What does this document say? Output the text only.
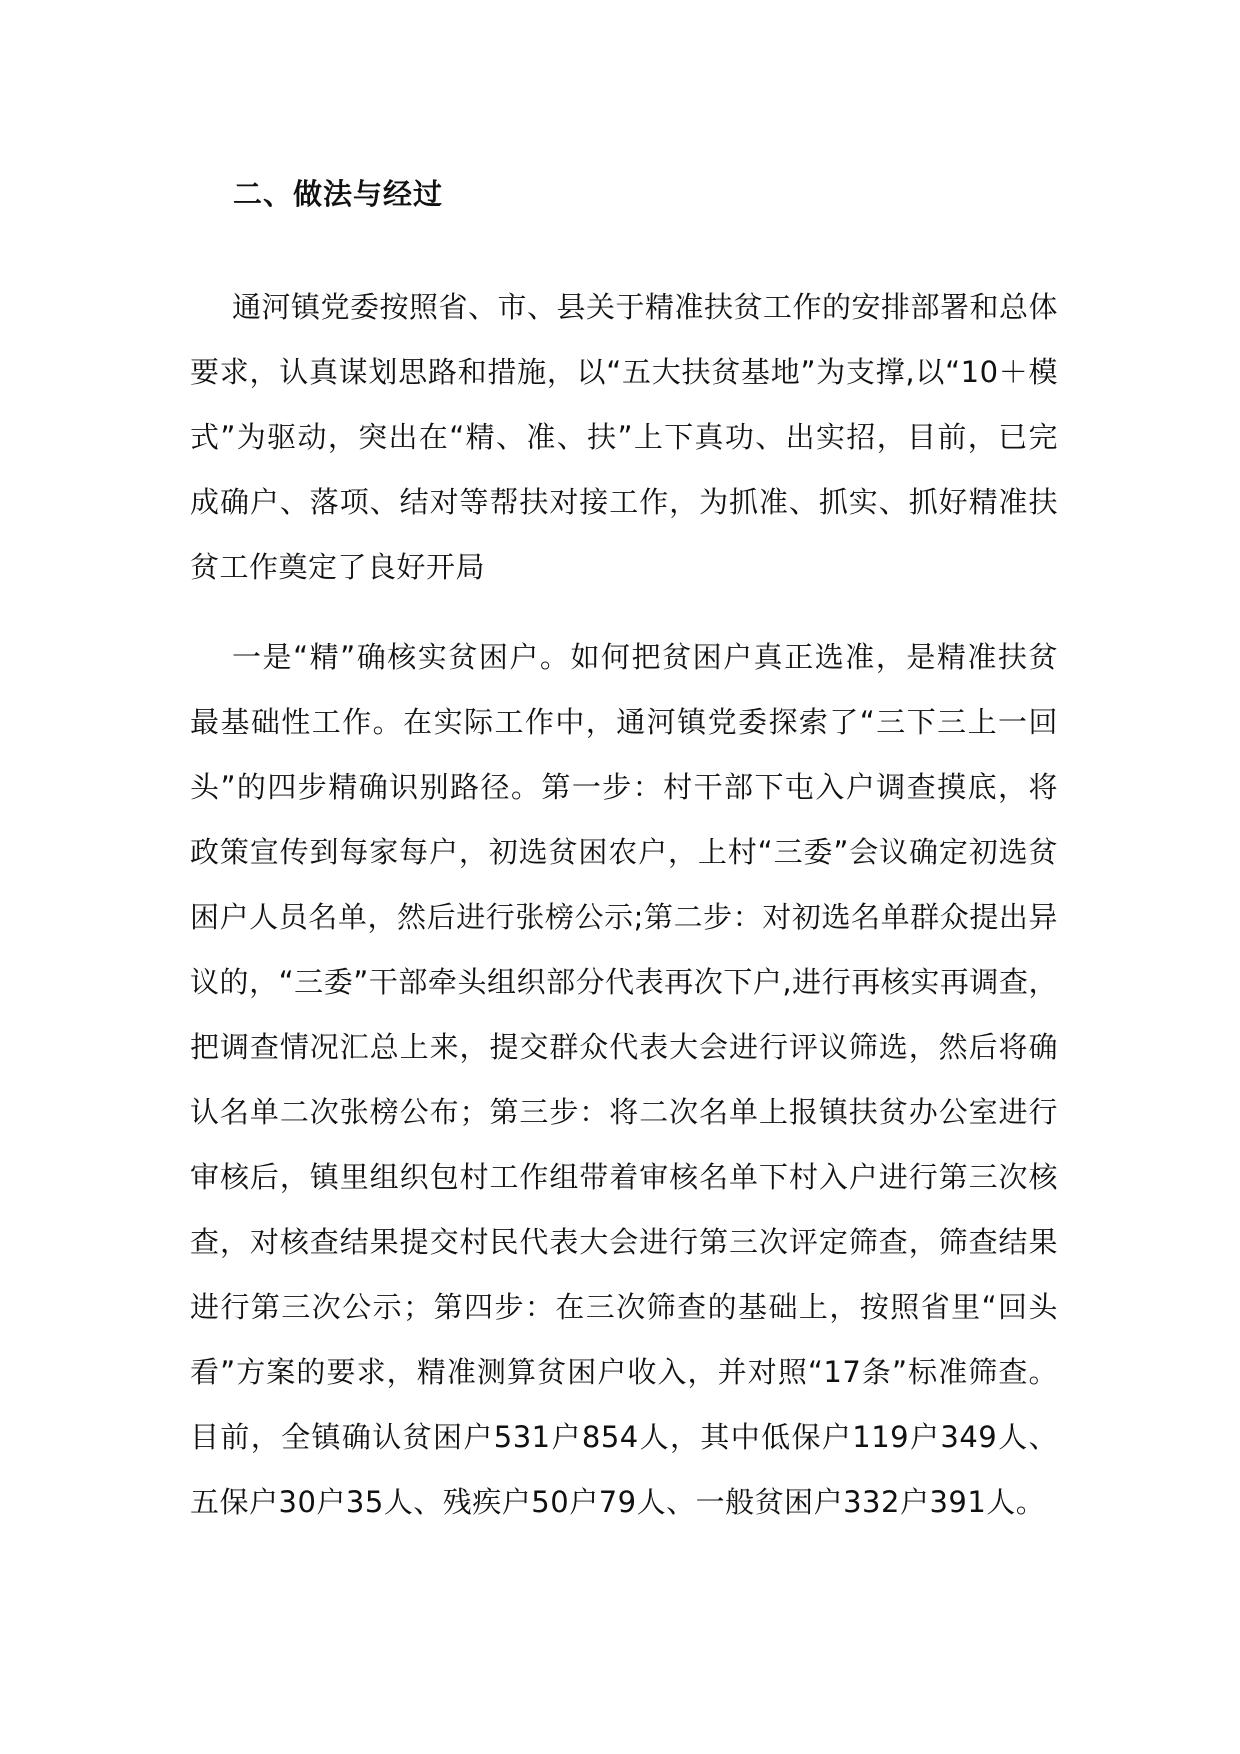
二、做法与经过

通河镇党委按照省、市、县关于精准扶贫工作的安排部署和总体要求，认真谋划思路和措施，以“五大扶贫基地”为支撑,以“10＋模式”为驱动，突出在“精、准、扶”上下真功、出实招，目前，已完成确户、落项、结对等帮扶对接工作，为抓准、抓实、抓好精准扶贫工作奠定了良好开局

一是“精”确核实贫困户。如何把贫困户真正选准，是精准扶贫最基础性工作。在实际工作中，通河镇党委探索了“三下三上一回头”的四步精确识别路径。第一步：村干部下屯入户调查摸底，将政策宣传到每家每户，初选贫困农户，上村“三委”会议确定初选贫困户人员名单，然后进行张榜公示;第二步：对初选名单群众提出异议的，“三委”干部牵头组织部分代表再次下户,进行再核实再调查，把调查情况汇总上来，提交群众代表大会进行评议筛选，然后将确认名单二次张榜公布；第三步：将二次名单上报镇扶贫办公室进行审核后，镇里组织包村工作组带着审核名单下村入户进行第三次核查，对核查结果提交村民代表大会进行第三次评定筛查，筛查结果进行第三次公示；第四步：在三次筛查的基础上，按照省里“回头看”方案的要求，精准测算贫困户收入，并对照“17条”标准筛查。目前，全镇确认贫困户531户854人，其中低保户119户349人、五保户30户35人、残疾户50户79人、一般贫困户332户391人。
